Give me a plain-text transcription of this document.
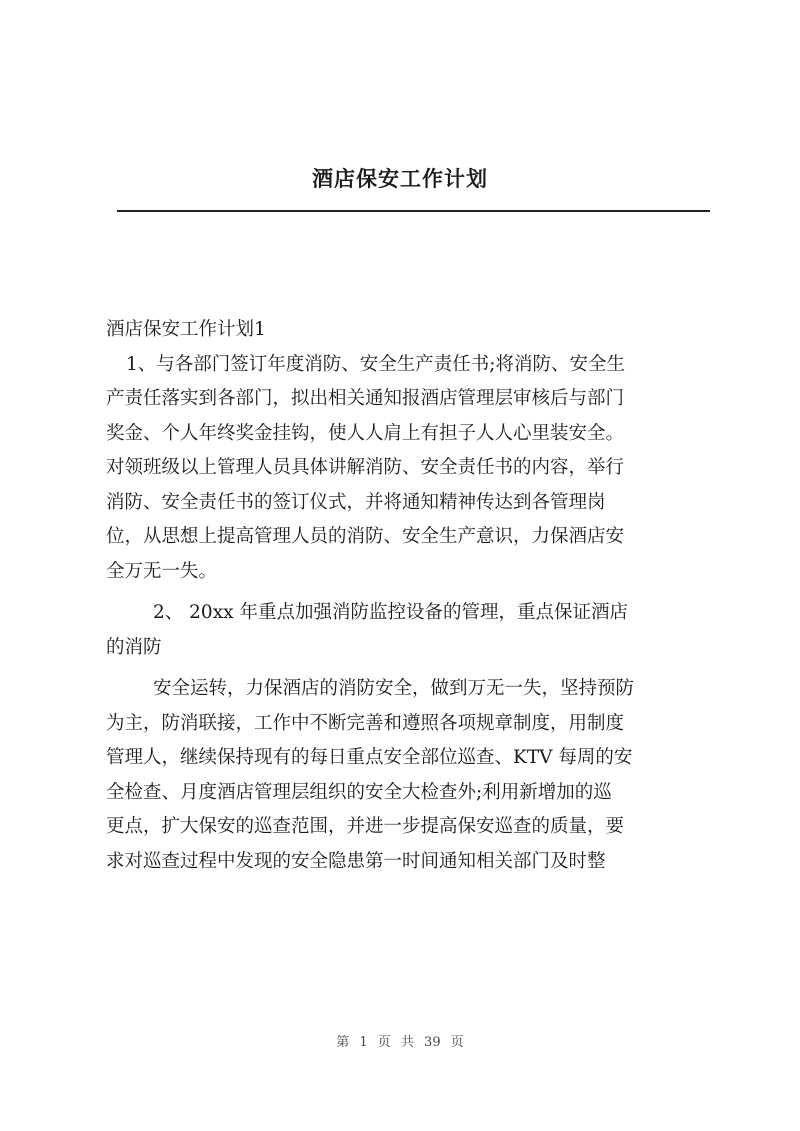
酒店保安工作计划
酒店保安工作计划1
1、与各部门签订年度消防、安全生产责任书;将消防、安全生
产责任落实到各部门，拟出相关通知报酒店管理层审核后与部门
奖金、个人年终奖金挂钩，使人人肩上有担子人人心里装安全。
对领班级以上管理人员具体讲解消防、安全责任书的内容，举行
消防、安全责任书的签订仪式，并将通知精神传达到各管理岗
位，从思想上提高管理人员的消防、安全生产意识，力保酒店安
全万无一失。
2、 20xx 年重点加强消防监控设备的管理，重点保证酒店
的消防
安全运转，力保酒店的消防安全，做到万无一失，坚持预防
为主，防消联接，工作中不断完善和遵照各项规章制度，用制度
管理人，继续保持现有的每日重点安全部位巡查、KTV 每周的安
全检查、月度酒店管理层组织的安全大检查外;利用新增加的巡
更点，扩大保安的巡查范围，并进一步提高保安巡查的质量，要
求对巡查过程中发现的安全隐患第一时间通知相关部门及时整
第 1 页 共 39 页
